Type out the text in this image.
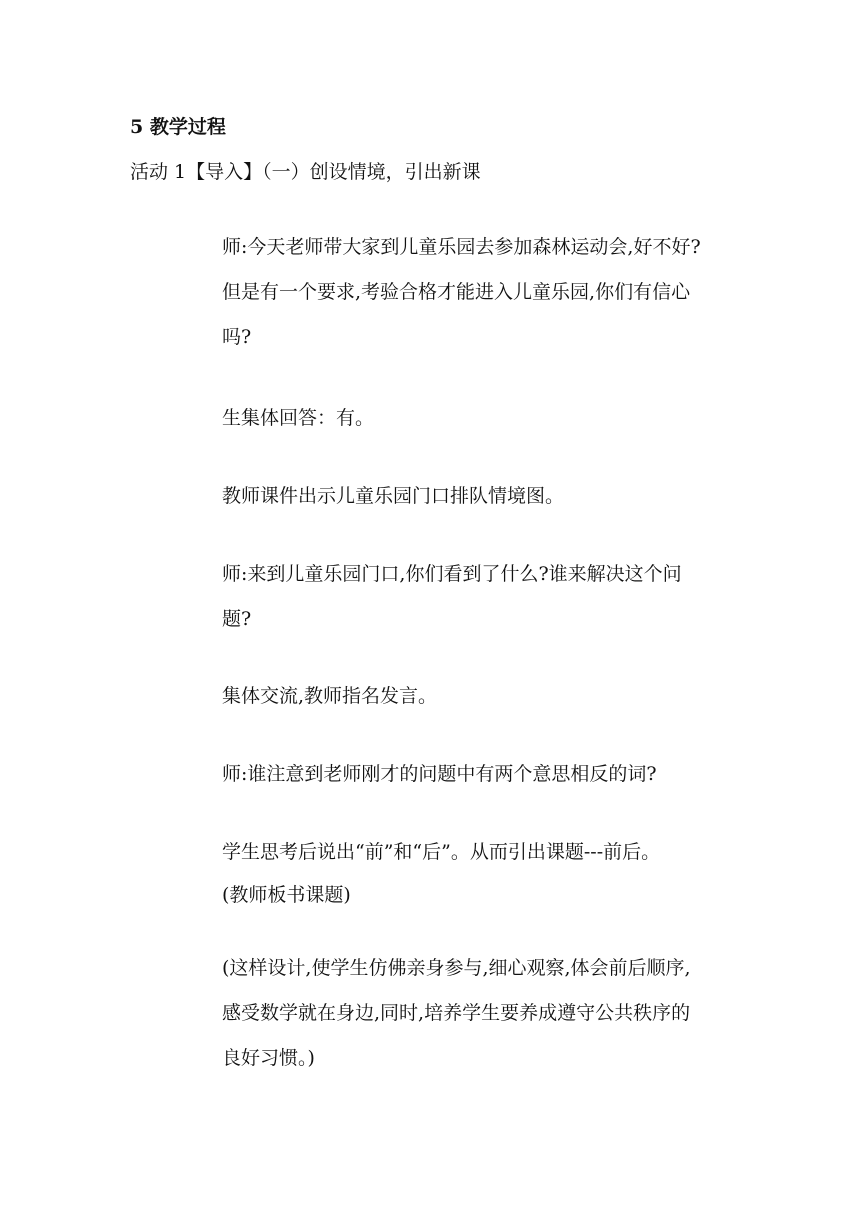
5 教学过程
活动 1【导入】（一）创设情境，引出新课

师:今天老师带大家到儿童乐园去参加森林运动会,好不好?

但是有一个要求,考验合格才能进入儿童乐园,你们有信心

吗?

生集体回答：有。

教师课件出示儿童乐园门口排队情境图。

师:来到儿童乐园门口,你们看到了什么?谁来解决这个问

题?

集体交流,教师指名发言。

师:谁注意到老师刚才的问题中有两个意思相反的词?

学生思考后说出“前”和“后”。从而引出课题---前后。

(教师板书课题)

(这样设计,使学生仿佛亲身参与,细心观察,体会前后顺序,

感受数学就在身边,同时,培养学生要养成遵守公共秩序的

良好习惯。)
